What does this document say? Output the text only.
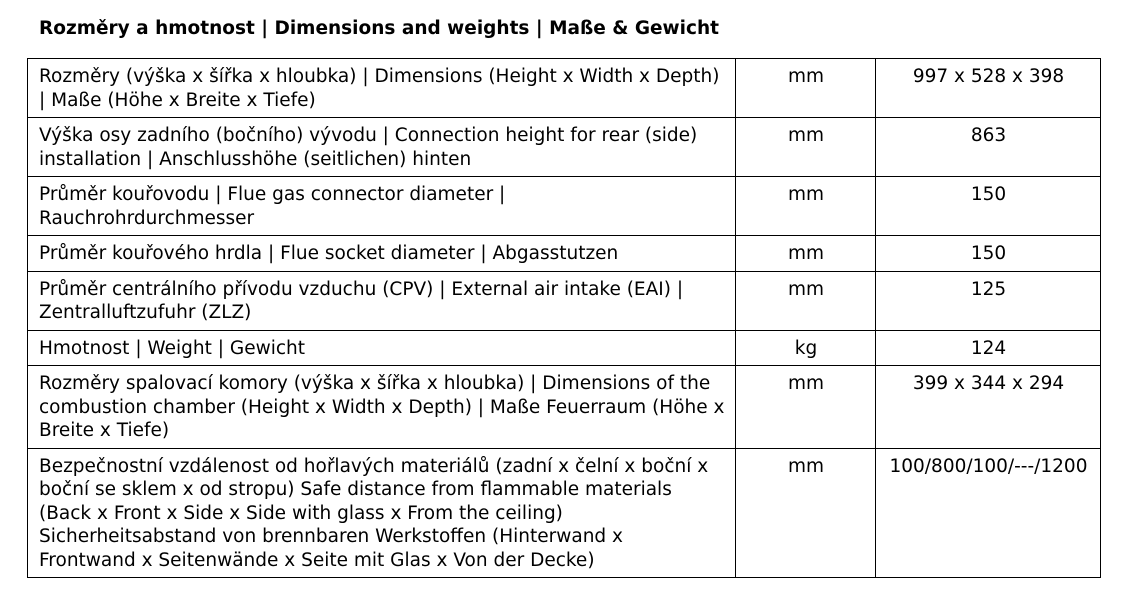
Rozměry a hmotnost | Dimensions and weights | Maße & Gewicht
Rozměry (výška x šířka x hloubka) | Dimensions (Height x Width x Depth) | Maße (Höhe x Breite x Tiefe)	mm	997 x 528 x 398
Výška osy zadního (bočního) vývodu | Connection height for rear (side) installation | Anschlusshöhe (seitlichen) hinten	mm	863
Průměr kouřovodu | Flue gas connector diameter | Rauchrohrdurchmesser	mm	150
Průměr kouřového hrdla | Flue socket diameter | Abgasstutzen	mm	150
Průměr centrálního přívodu vzduchu (CPV) | External air intake (EAI) | Zentralluftzufuhr (ZLZ)	mm	125
Hmotnost | Weight | Gewicht	kg	124
Rozměry spalovací komory (výška x šířka x hloubka) | Dimensions of the combustion chamber (Height x Width x Depth) | Maße Feuerraum (Höhe x Breite x Tiefe)	mm	399 x 344 x 294
Bezpečnostní vzdálenost od hořlavých materiálů (zadní x čelní x boční x boční se sklem x od stropu) Safe distance from flammable materials (Back x Front x Side x Side with glass x From the ceiling) Sicherheitsabstand von brennbaren Werkstoffen (Hinterwand x Frontwand x Seitenwände x Seite mit Glas x Von der Decke)	mm	100/800/100/---/1200
